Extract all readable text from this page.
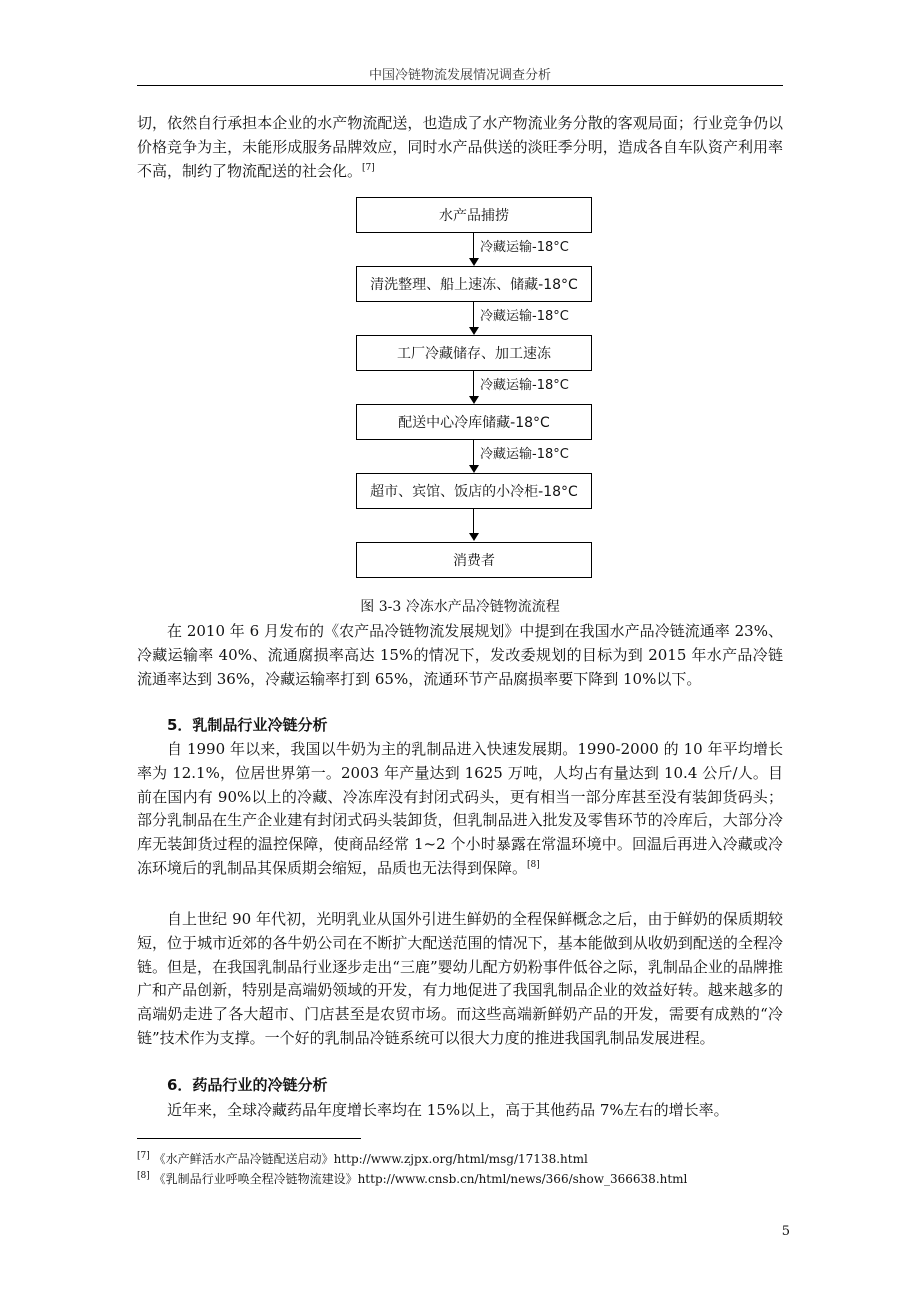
中国冷链物流发展情况调查分析

切，依然自行承担本企业的水产物流配送，也造成了水产物流业务分散的客观局面；行业竞争仍以价格竞争为主，未能形成服务品牌效应，同时水产品供送的淡旺季分明，造成各自车队资产利用率不高，制约了物流配送的社会化。[7]

水产品捕捞
冷藏运输-18°C
清洗整理、船上速冻、储藏-18°C
冷藏运输-18°C
工厂冷藏储存、加工速冻
冷藏运输-18°C
配送中心冷库储藏-18°C
冷藏运输-18°C
超市、宾馆、饭店的小冷柜-18°C
消费者
图 3-3 冷冻水产品冷链物流流程

在 2010 年 6 月发布的《农产品冷链物流发展规划》中提到在我国水产品冷链流通率 23%、冷藏运输率 40%、流通腐损率高达 15%的情况下，发改委规划的目标为到 2015 年水产品冷链流通率达到 36%，冷藏运输率打到 65%，流通环节产品腐损率要下降到 10%以下。

5．乳制品行业冷链分析

自 1990 年以来，我国以牛奶为主的乳制品进入快速发展期。1990-2000 的 10 年平均增长率为 12.1%，位居世界第一。2003 年产量达到 1625 万吨，人均占有量达到 10.4 公斤/人。目前在国内有 90%以上的冷藏、冷冻库没有封闭式码头，更有相当一部分库甚至没有装卸货码头；部分乳制品在生产企业建有封闭式码头装卸货，但乳制品进入批发及零售环节的冷库后，大部分冷库无装卸货过程的温控保障，使商品经常 1~2 个小时暴露在常温环境中。回温后再进入冷藏或冷冻环境后的乳制品其保质期会缩短，品质也无法得到保障。[8]

自上世纪 90 年代初，光明乳业从国外引进生鲜奶的全程保鲜概念之后，由于鲜奶的保质期较短，位于城市近郊的各牛奶公司在不断扩大配送范围的情况下，基本能做到从收奶到配送的全程冷链。但是，在我国乳制品行业逐步走出“三鹿”婴幼儿配方奶粉事件低谷之际，乳制品企业的品牌推广和产品创新，特别是高端奶领域的开发，有力地促进了我国乳制品企业的效益好转。越来越多的高端奶走进了各大超市、门店甚至是农贸市场。而这些高端新鲜奶产品的开发，需要有成熟的“冷链”技术作为支撑。一个好的乳制品冷链系统可以很大力度的推进我国乳制品发展进程。

6．药品行业的冷链分析

近年来，全球冷藏药品年度增长率均在 15%以上，高于其他药品 7%左右的增长率。

[7] 《水产鲜活水产品冷链配送启动》http://www.zjpx.org/html/msg/17138.html
[8] 《乳制品行业呼唤全程冷链物流建设》http://www.cnsb.cn/html/news/366/show_366638.html
5
